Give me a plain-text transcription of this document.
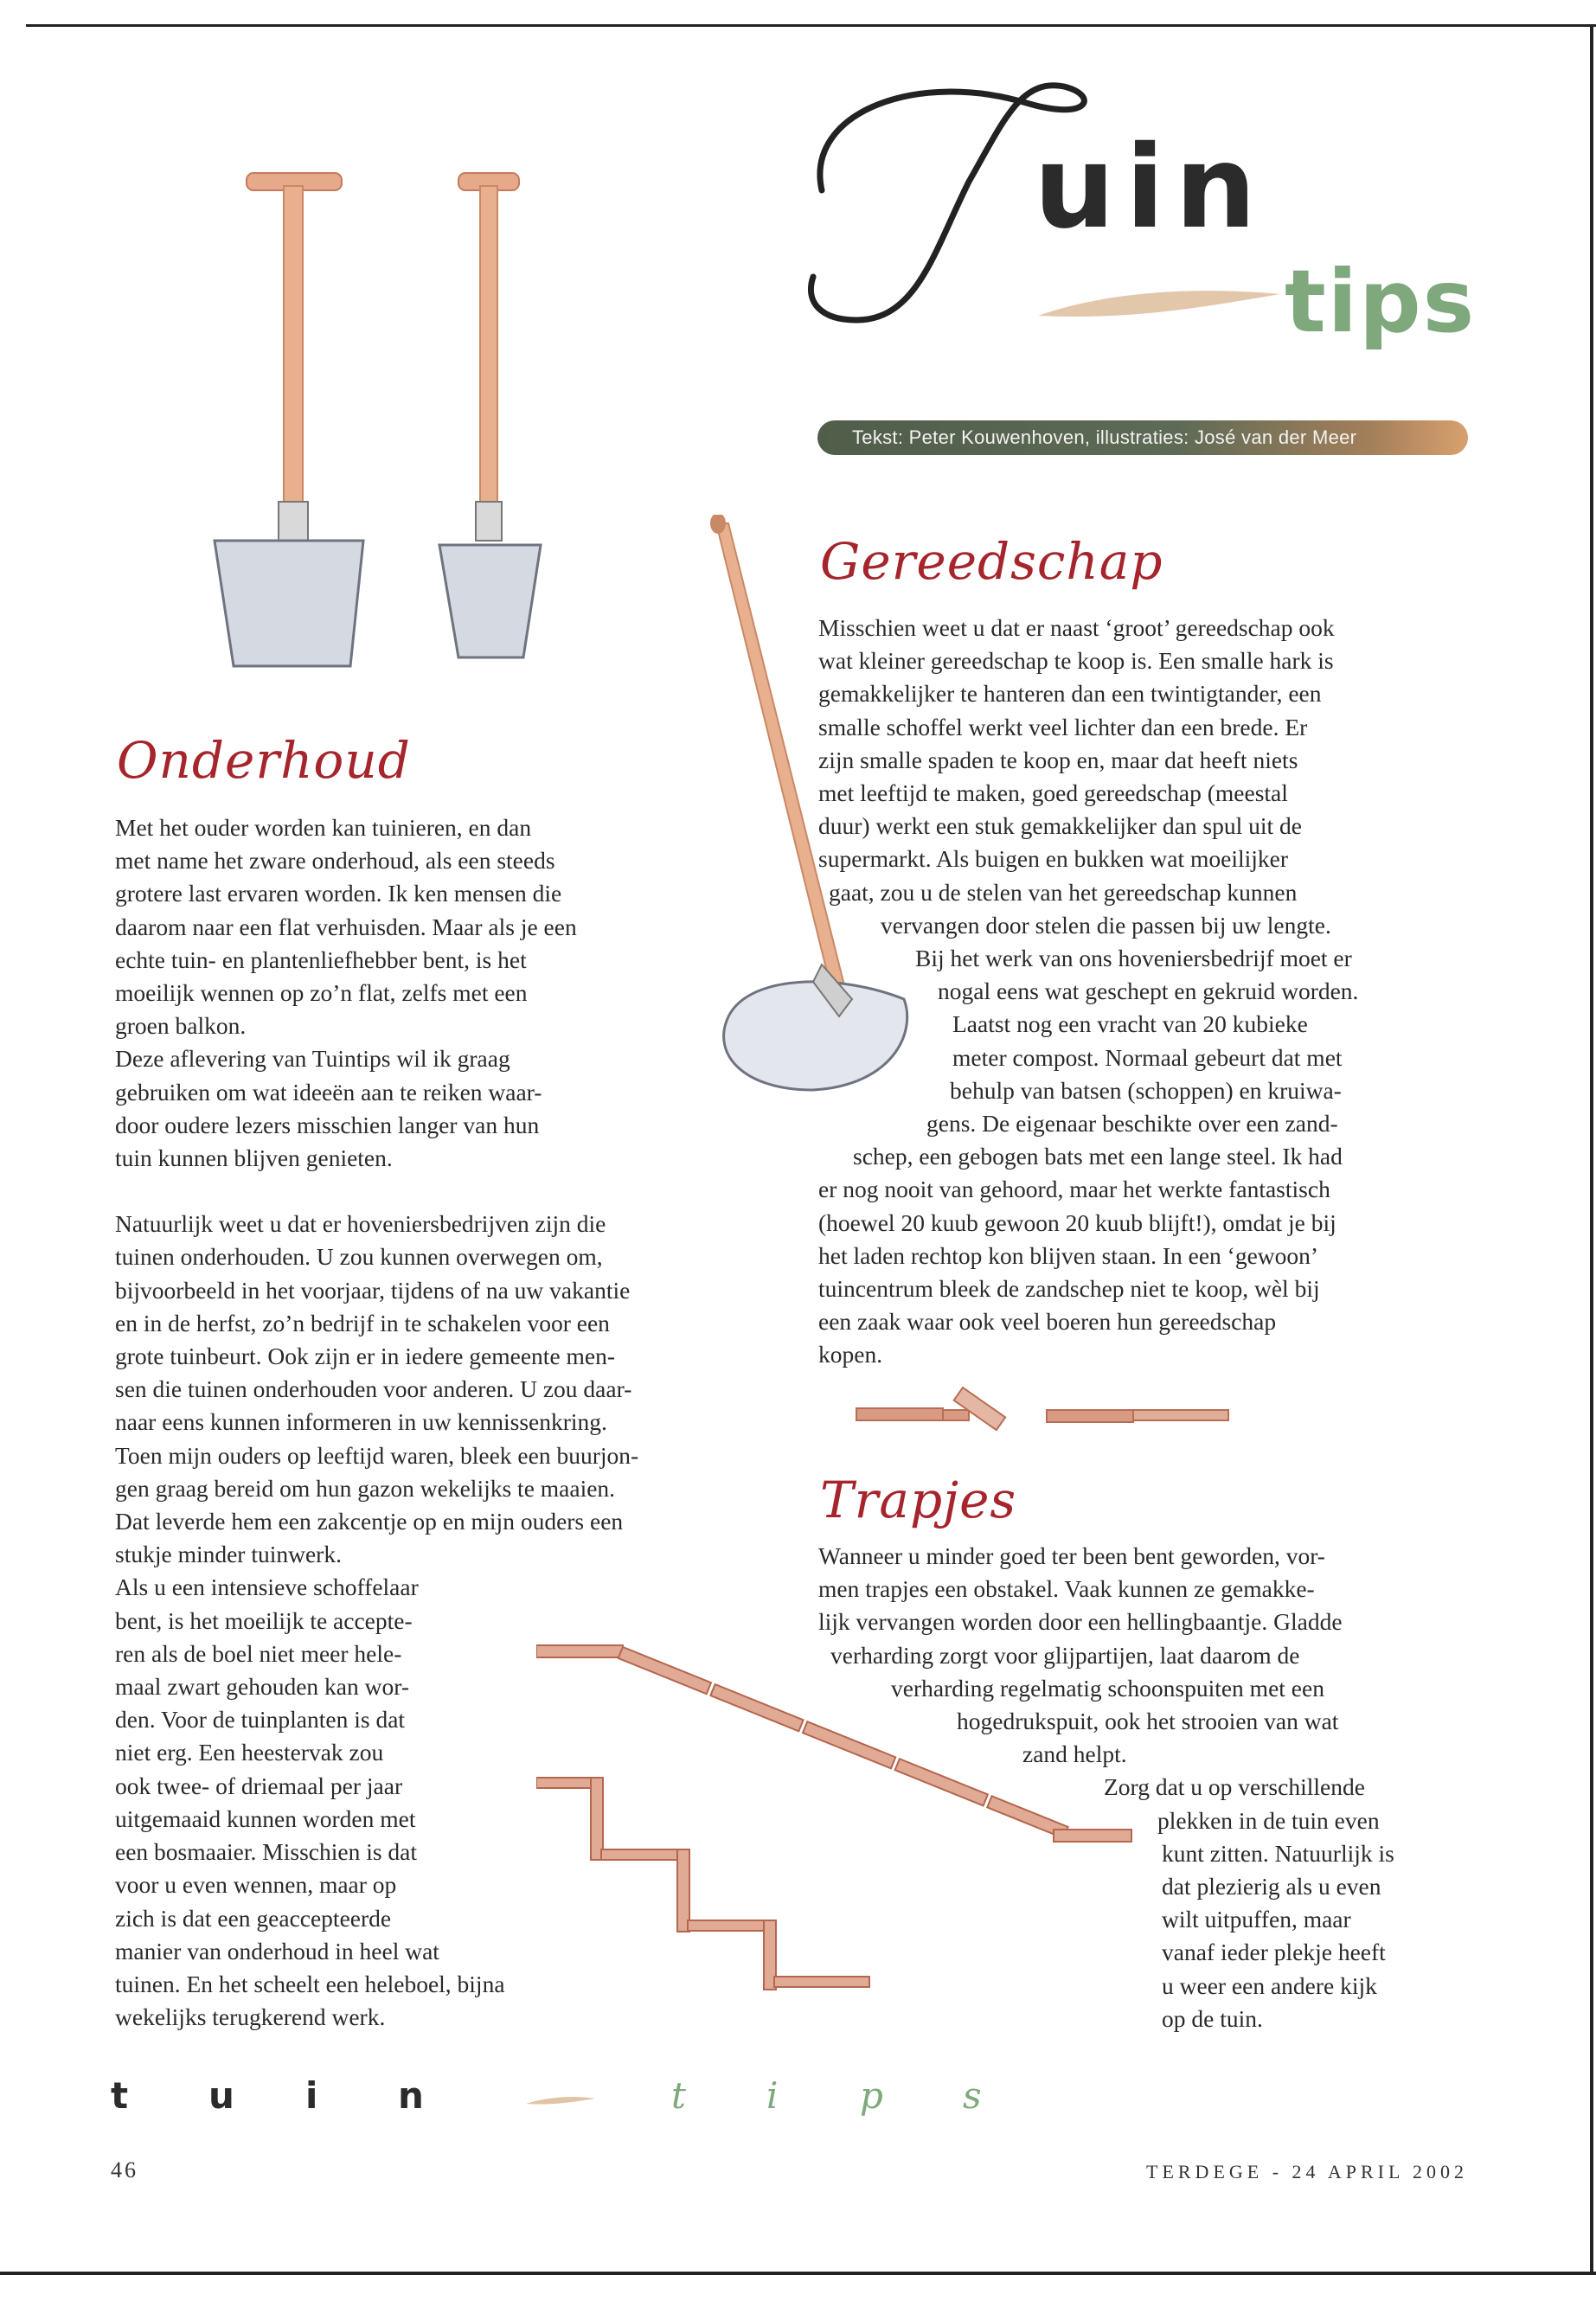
uin
tips
Tekst: Peter Kouwenhoven, illustraties: José van der Meer
Onderhoud

Met het ouder worden kan tuinieren, en dan

met name het zware onderhoud, als een steeds

grotere last ervaren worden. Ik ken mensen die

daarom naar een flat verhuisden. Maar als je een

echte tuin- en plantenliefhebber bent, is het

moeilijk wennen op zo’n flat, zelfs met een

groen balkon.

Deze aflevering van Tuintips wil ik graag

gebruiken om wat ideeën aan te reiken waar-

door oudere lezers misschien langer van hun

tuin kunnen blijven genieten.

Natuurlijk weet u dat er hoveniersbedrijven zijn die

tuinen onderhouden. U zou kunnen overwegen om,

bijvoorbeeld in het voorjaar, tijdens of na uw vakantie

en in de herfst, zo’n bedrijf in te schakelen voor een

grote tuinbeurt. Ook zijn er in iedere gemeente men-

sen die tuinen onderhouden voor anderen. U zou daar-

naar eens kunnen informeren in uw kennissenkring.

Toen mijn ouders op leeftijd waren, bleek een buurjon-

gen graag bereid om hun gazon wekelijks te maaien.

Dat leverde hem een zakcentje op en mijn ouders een

stukje minder tuinwerk.

Als u een intensieve schoffelaar

bent, is het moeilijk te accepte-

ren als de boel niet meer hele-

maal zwart gehouden kan wor-

den. Voor de tuinplanten is dat

niet erg. Een heestervak zou

ook twee- of driemaal per jaar

uitgemaaid kunnen worden met

een bosmaaier. Misschien is dat

voor u even wennen, maar op

zich is dat een geaccepteerde

manier van onderhoud in heel wat

tuinen. En het scheelt een heleboel, bijna

wekelijks terugkerend werk.

Gereedschap

Misschien weet u dat er naast ‘groot’ gereedschap ook

wat kleiner gereedschap te koop is. Een smalle hark is

gemakkelijker te hanteren dan een twintigtander, een

smalle schoffel werkt veel lichter dan een brede. Er

zijn smalle spaden te koop en, maar dat heeft niets

met leeftijd te maken, goed gereedschap (meestal

duur) werkt een stuk gemakkelijker dan spul uit de

supermarkt. Als buigen en bukken wat moeilijker

gaat, zou u de stelen van het gereedschap kunnen

vervangen door stelen die passen bij uw lengte.

Bij het werk van ons hoveniersbedrijf moet er

nogal eens wat geschept en gekruid worden.

Laatst nog een vracht van 20 kubieke

meter compost. Normaal gebeurt dat met

behulp van batsen (schoppen) en kruiwa-

gens. De eigenaar beschikte over een zand-

schep, een gebogen bats met een lange steel. Ik had

er nog nooit van gehoord, maar het werkte fantastisch

(hoewel 20 kuub gewoon 20 kuub blijft!), omdat je bij

het laden rechtop kon blijven staan. In een ‘gewoon’

tuincentrum bleek de zandschep niet te koop, wèl bij

een zaak waar ook veel boeren hun gereedschap

kopen.

Trapjes

Wanneer u minder goed ter been bent geworden, vor-

men trapjes een obstakel. Vaak kunnen ze gemakke-

lijk vervangen worden door een hellingbaantje. Gladde

verharding zorgt voor glijpartijen, laat daarom de

verharding regelmatig schoonspuiten met een

hogedrukspuit, ook het strooien van wat

zand helpt.

Zorg dat u op verschillende

plekken in de tuin even

kunt zitten. Natuurlijk is

dat plezierig als u even

wilt uitpuffen, maar

vanaf ieder plekje heeft

u weer een andere kijk

op de tuin.

t u i n	t i p s
46	TERDEGE - 24 APRIL 2002
